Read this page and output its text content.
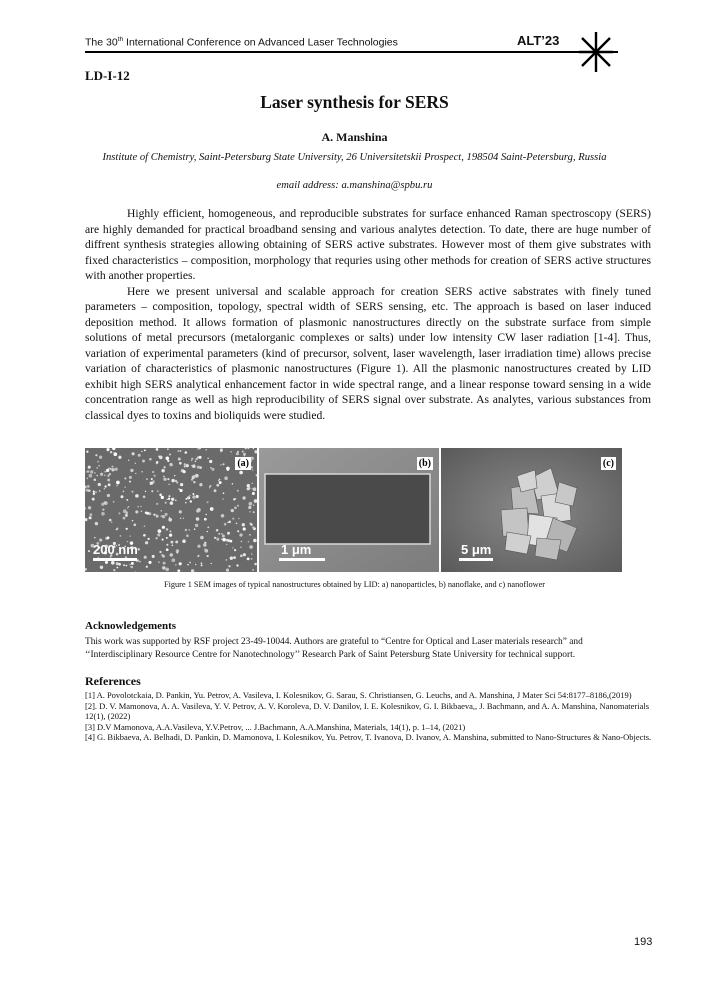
The 30th International Conference on Advanced Laser Technologies	ALT’23
LD-I-12
Laser synthesis for SERS
A. Manshina
Institute of Chemistry, Saint-Petersburg State University, 26 Universitetskii Prospect, 198504 Saint-Petersburg, Russia
email address: a.manshina@spbu.ru

Highly efficient, homogeneous, and reproducible substrates for surface enhanced Raman spectroscopy (SERS) are highly demanded for practical broadband sensing and various analytes detection. To date, there are huge number of diffrent synthesis strategies allowing obtaining of SERS active substrates. However most of them give substrates with fixed characteristics – composition, morphology that requries using other methods for creation of SERS active structures with another properties.

Here we present universal and scalable approach for creation SERS active sabstrates with finely tuned parameters – composition, topology, spectral width of SERS sensing, etc. The approach is based on laser induced deposition method. It allows formation of plasmonic nanostructures directly on the substrate surface from simple solutions of metal precursors (metalorganic complexes or salts) under low intensity CW laser radiation [1-4]. Thus, variation of experimental parameters (kind of precursor, solvent, laser wavelength, laser irradiation time) allows precise variation of characteristics of plasmonic nanostructures (Figure 1). All the plasmonic nanostructures created by LID exhibit high SERS analytical enhancement factor in wide spectral range, and a linear response toward sensing in a wide concentration range as well as high reproducibility of SERS signal over substrate. As analytes, various substances from classical dyes to toxins and bioliquids were studied.

(a)
200 nm
(b)
1 μm
(c)
5 μm
Figure 1 SEM images of typical nanostructures obtained by LID: a) nanoparticles, b) nanoflake, and c) nanoflower
Acknowledgements
This work was supported by RSF project 23-49-10044. Authors are grateful to “Centre for Optical and Laser materials research” and ‘‘Interdisciplinary Resource Centre for Nanotechnology’’ Research Park of Saint Petersburg State University for technical support.
References
[1] A. Povolotckaia, D. Pankin, Yu. Petrov, A. Vasileva, I. Kolesnikov, G. Sarau, S. Christiansen, G. Leuchs, and A. Manshina, J Mater Sci 54:8177–8186,(2019)
[2]. D. V. Mamonova, A. A. Vasileva, Y. V. Petrov, A. V. Koroleva, D. V. Danilov, I. E. Kolesnikov, G. I. Bikbaeva,, J. Bachmann, and A. A. Manshina, Nanomaterials 12(1), (2022)
[3] D.V Mamonova, A.A.Vasileva, Y.V.Petrov, ... J.Bachmann, A.A.Manshina, Materials, 14(1), p. 1–14, (2021)
[4] G. Bikbaeva, A. Belhadi, D. Pankin, D. Mamonova, I. Kolesnikov, Yu. Petrov, T. Ivanova, D. Ivanov, A. Manshina, submitted to Nano-Structures & Nano-Objects.
193
